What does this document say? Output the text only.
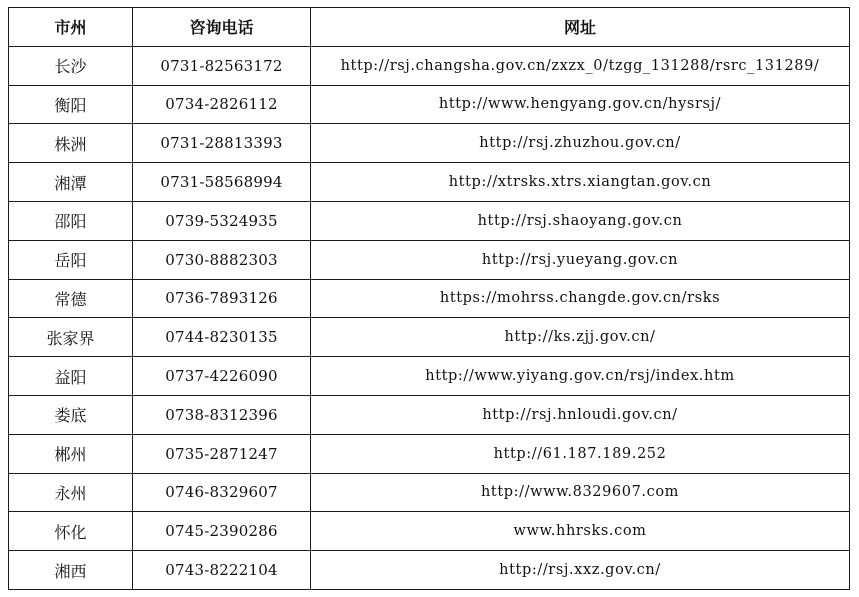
市州	咨询电话	网址
长沙	0731-82563172	http://rsj.changsha.gov.cn/zxzx_0/tzgg_131288/rsrc_131289/
衡阳	0734-2826112	http://www.hengyang.gov.cn/hysrsj/
株洲	0731-28813393	http://rsj.zhuzhou.gov.cn/
湘潭	0731-58568994	http://xtrsks.xtrs.xiangtan.gov.cn
邵阳	0739-5324935	http://rsj.shaoyang.gov.cn
岳阳	0730-8882303	http://rsj.yueyang.gov.cn
常德	0736-7893126	https://mohrss.changde.gov.cn/rsks
张家界	0744-8230135	http://ks.zjj.gov.cn/
益阳	0737-4226090	http://www.yiyang.gov.cn/rsj/index.htm
娄底	0738-8312396	http://rsj.hnloudi.gov.cn/
郴州	0735-2871247	http://61.187.189.252
永州	0746-8329607	http://www.8329607.com
怀化	0745-2390286	www.hhrsks.com
湘西	0743-8222104	http://rsj.xxz.gov.cn/
